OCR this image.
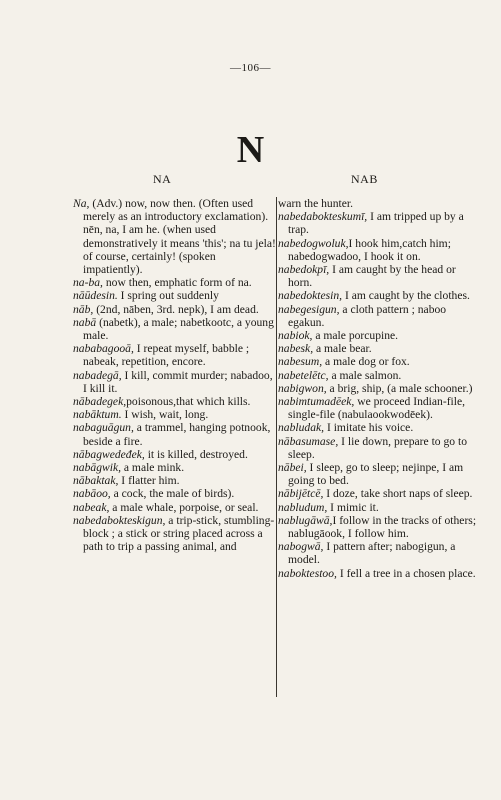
—106—
N
NA	NAB

Na, (Adv.) now, now then. (Often used merely as an introductory exclamation). nēn, na, I am he. (when used demonstratively it means 'this'; na tu jela! of course, certainly! (spoken impatiently).

na-ba, now then, emphatic form of na.

nāūdesin. I spring out suddenly

nāb, (2nd, nāben, 3rd. nepk), I am dead.

nabā (nabetk), a male; nabetkootc, a young male.

nababagooā, I repeat myself, babble ; nabeak, repetition, encore.

nabadegā, I kill, commit murder; nabadoo, I kill it.

nābadegek,poisonous,that which kills.

nabāktum. I wish, wait, long.

nabaguāgun, a trammel, hanging potnook, beside a fire.

nābagwedeđek, it is killed, destroyed.

nabāgwik, a male mink.

nābaktak, I flatter him.

nabāoo, a cock, the male of birds).

nabeak, a male whale, porpoise, or seal.

nabedabokteskigun, a trip-stick, stumbling-block ; a stick or string placed across a path to trip a passing animal, and

warn the hunter.

nabedabokteskumī, I am tripped up by a trap.

nabedogwoluk,I hook him,catch him; nabedogwadoo, I hook it on.

nabedokpī, I am caught by the head or horn.

nabedoktesin, I am caught by the clothes.

nabegesigun, a cloth pattern ; naboo egakun.

nabiok, a male porcupine.

nabesk, a male bear.

nabesum, a male dog or fox.

nabetelētc, a male salmon.

nabigwon, a brig, ship, (a male schooner.)

nabimtumadēek, we proceed Indian-file, single-file (nabulaookwodēek).

nabludak, I imitate his voice.

nābasumase, I lie down, prepare to go to sleep.

nābei, I sleep, go to sleep; nejinpe, I am going to bed.

nābijētcē, I doze, take short naps of sleep.

nabludum, I mimic it.

nablugāwā,I follow in the tracks of others; nablugāook, I follow him.

nabogwā, I pattern after; nabogigun, a model.

naboktestoo, I fell a tree in a chosen place.
